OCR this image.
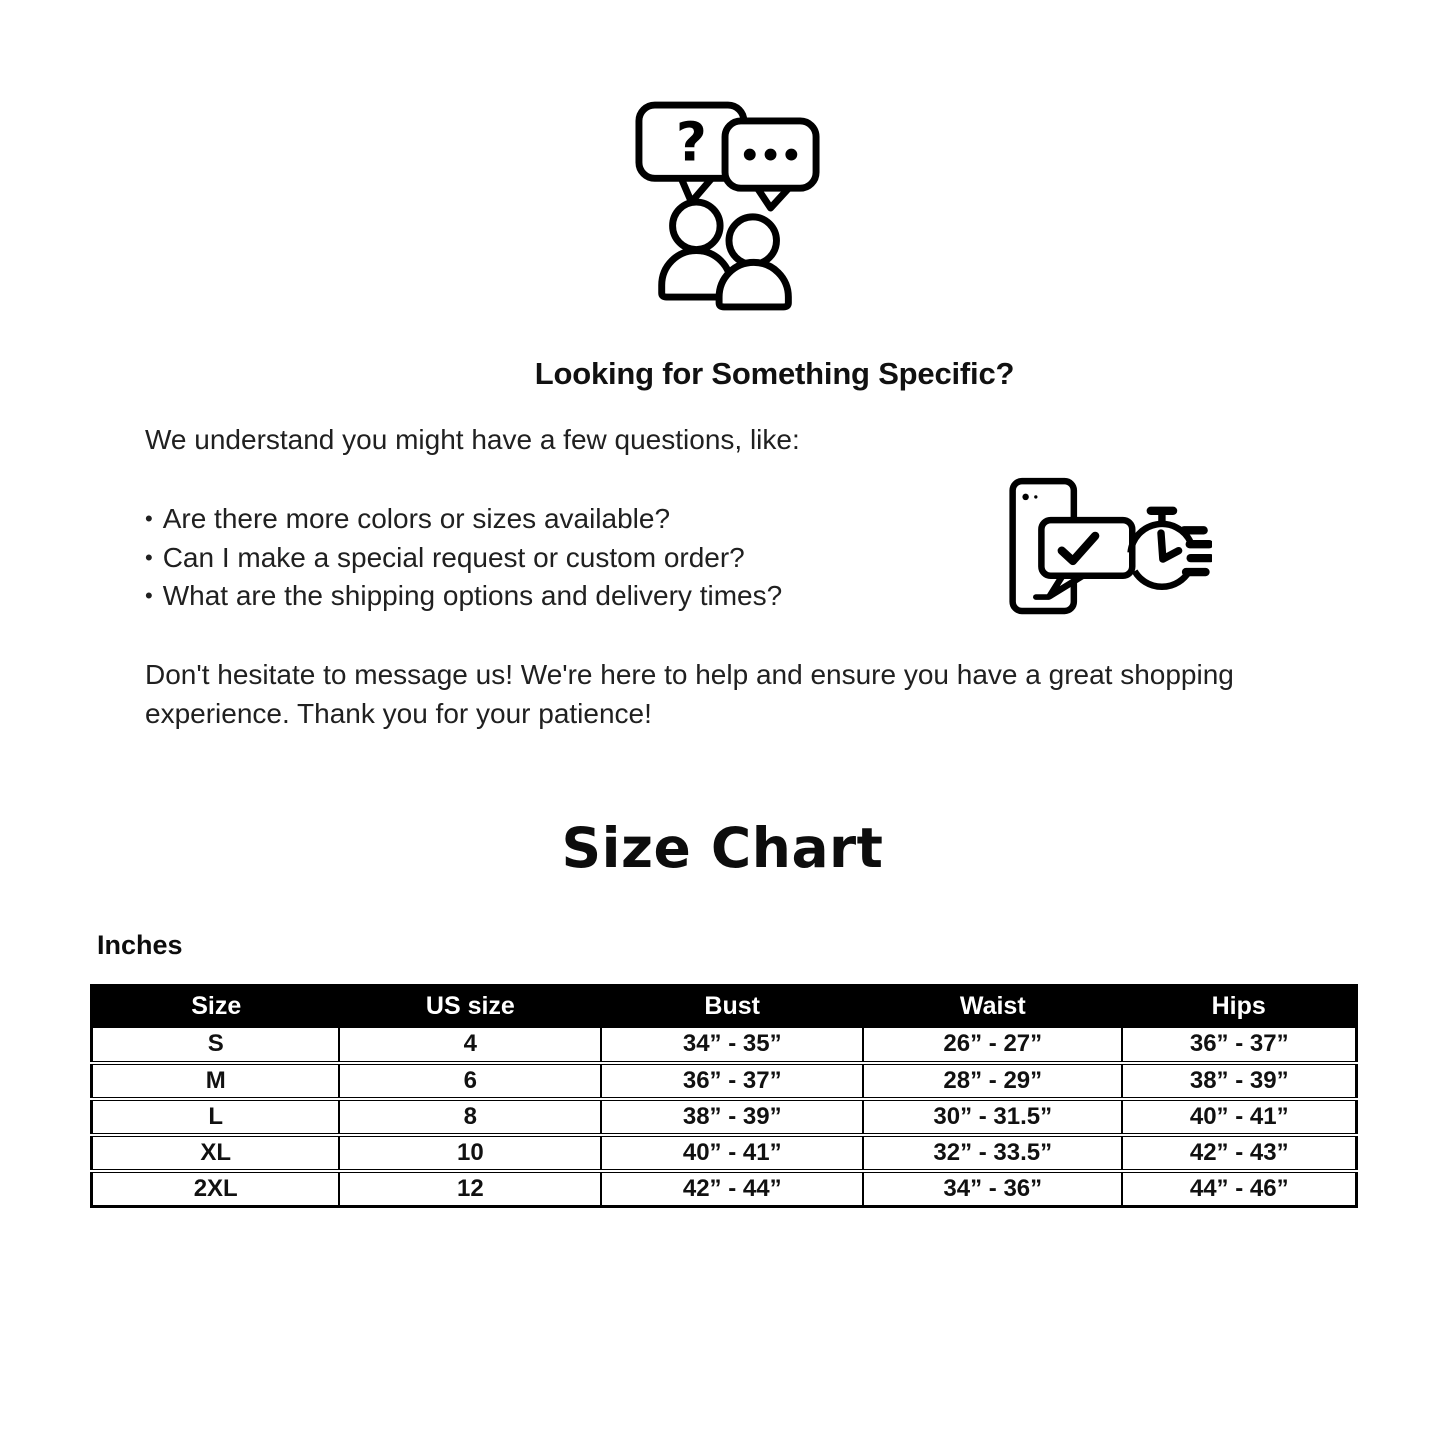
?
Looking for Something Specific?

We understand you might have a few questions, like:

• Are there more colors or sizes available?
• Can I make a special request or custom order?
• What are the shipping options and delivery times?

Don't hesitate to message us! We're here to help and ensure you have a great shopping experience. Thank you for your patience!

Size Chart
Inches
Size	US size	Bust	Waist	Hips
S	4	34” - 35”	26” - 27”	36” - 37”
M	6	36” - 37”	28” - 29”	38” - 39”
L	8	38” - 39”	30” - 31.5”	40” - 41”
XL	10	40” - 41”	32” - 33.5”	42” - 43”
2XL	12	42” - 44”	34” - 36”	44” - 46”
